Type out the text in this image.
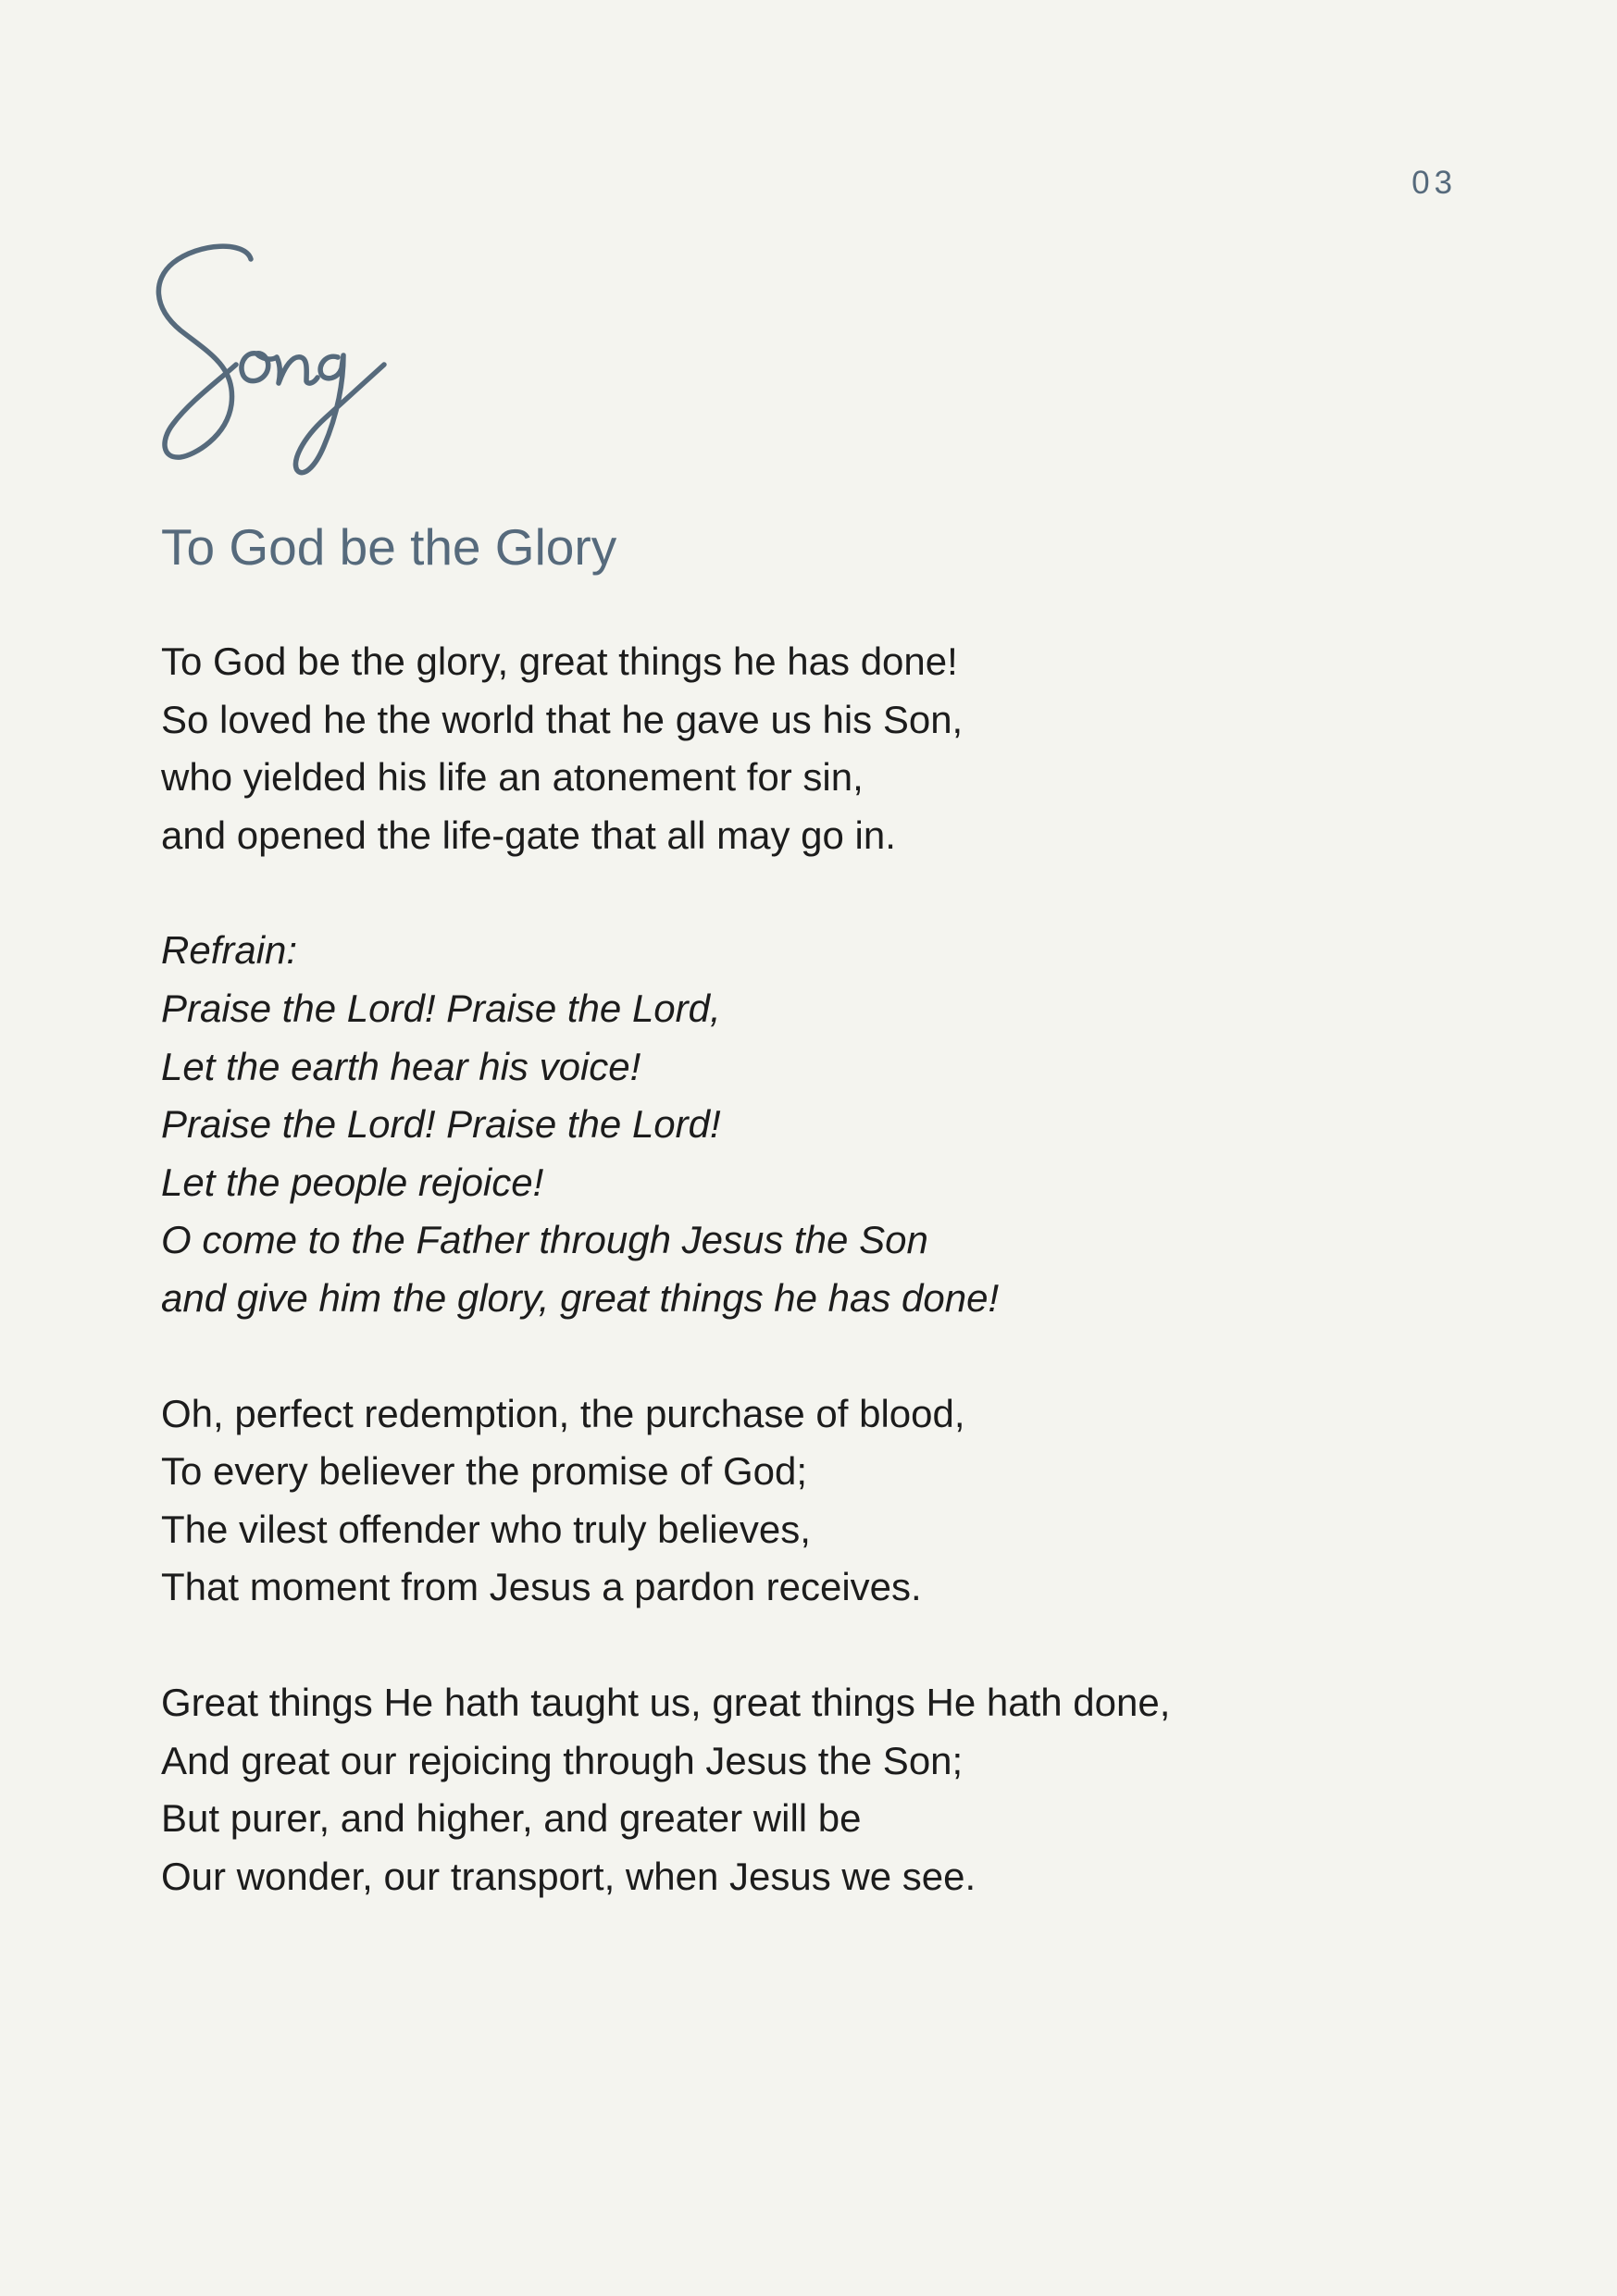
03
To God be the Glory
To God be the glory, great things he has done!
So loved he the world that he gave us his Son,
who yielded his life an atonement for sin,
and opened the life-gate that all may go in.
Refrain:
Praise the Lord! Praise the Lord,
Let the earth hear his voice!
Praise the Lord! Praise the Lord!
Let the people rejoice!
O come to the Father through Jesus the Son
and give him the glory, great things he has done!
Oh, perfect redemption, the purchase of blood,
To every believer the promise of God;
The vilest offender who truly believes,
That moment from Jesus a pardon receives.
Great things He hath taught us, great things He hath done,
And great our rejoicing through Jesus the Son;
But purer, and higher, and greater will be
Our wonder, our transport, when Jesus we see.
